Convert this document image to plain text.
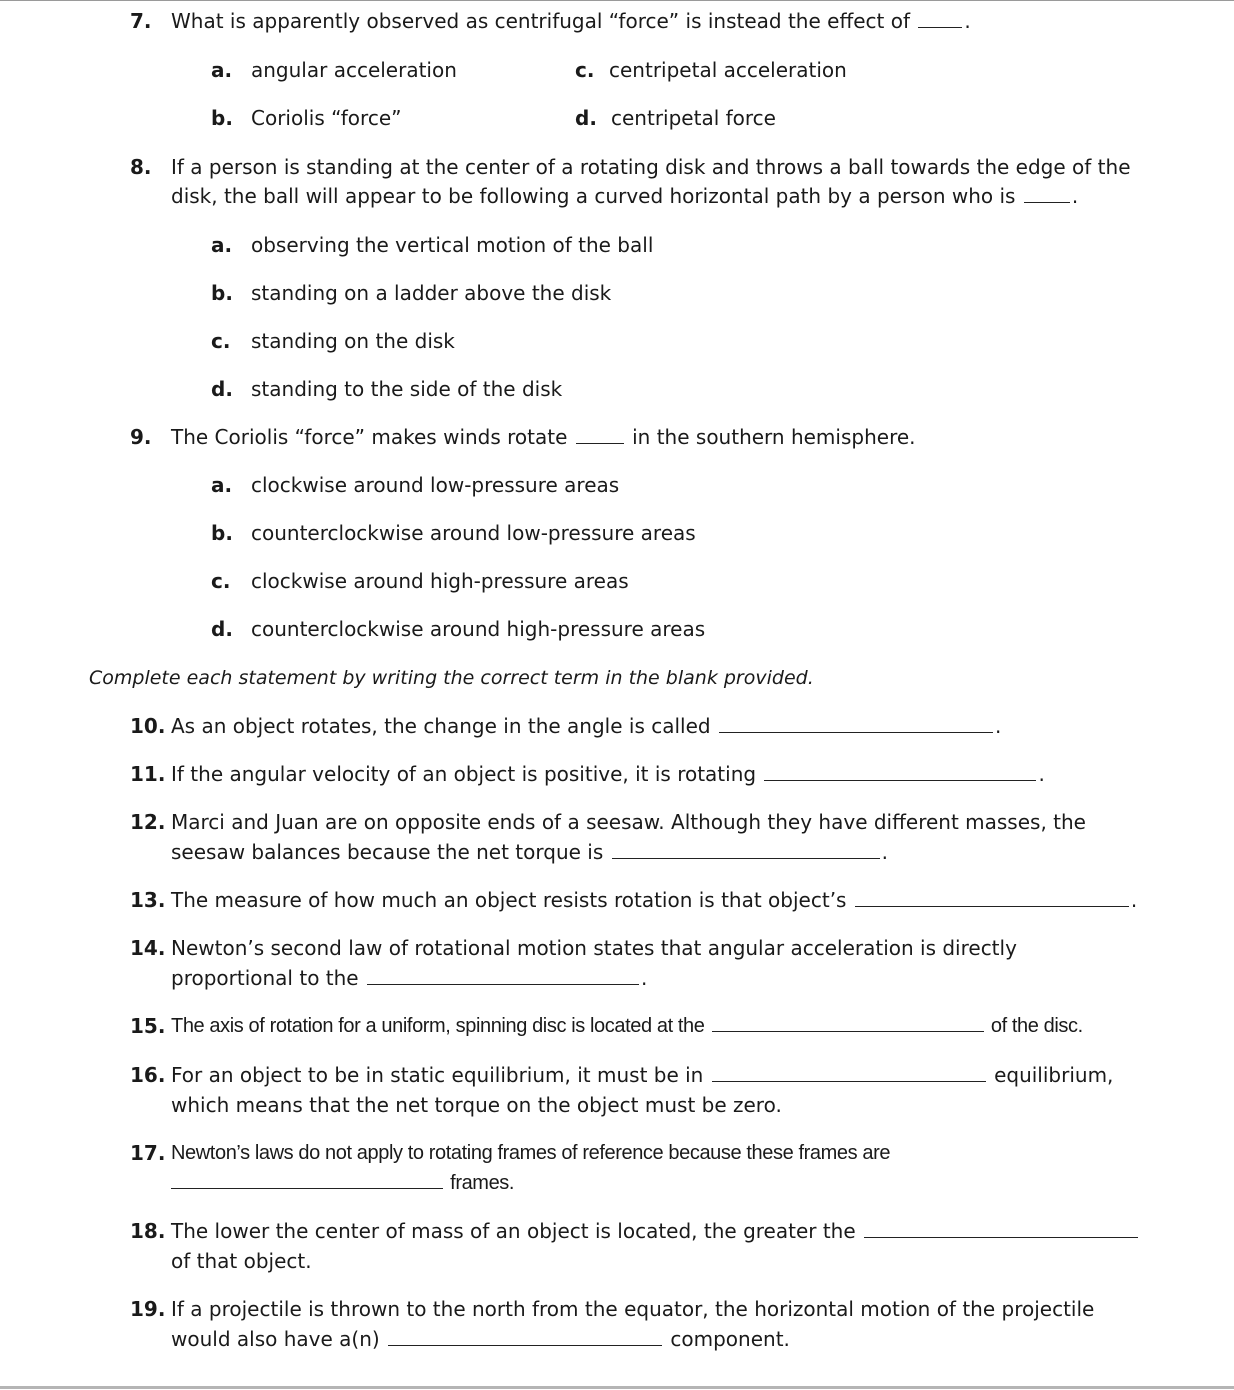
7. What is apparently observed as centrifugal “force” is instead the effect of	.
a. angular acceleration	c. centripetal acceleration
b. Coriolis “force”	d. centripetal force
8. If a person is standing at the center of a rotating disk and throws a ball towards the edge of the
disk, the ball will appear to be following a curved horizontal path by a person who is	.
a. observing the vertical motion of the ball
b. standing on a ladder above the disk
c. standing on the disk
d. standing to the side of the disk
9. The Coriolis “force” makes winds rotate	in the southern hemisphere.
a. clockwise around low-pressure areas
b. counterclockwise around low-pressure areas
c. clockwise around high-pressure areas
d. counterclockwise around high-pressure areas
Complete each statement by writing the correct term in the blank provided.
10. As an object rotates, the change in the angle is called	.
11. If the angular velocity of an object is positive, it is rotating	.
12. Marci and Juan are on opposite ends of a seesaw. Although they have different masses, the
seesaw balances because the net torque is	.
13. The measure of how much an object resists rotation is that object’s	.
14. Newton’s second law of rotational motion states that angular acceleration is directly
proportional to the	.
15. The axis of rotation for a uniform, spinning disc is located at the	of the disc.
16. For an object to be in static equilibrium, it must be in	equilibrium,
which means that the net torque on the object must be zero.
17. Newton’s laws do not apply to rotating frames of reference because these frames are
frames.
18. The lower the center of mass of an object is located, the greater the
of that object.
19. If a projectile is thrown to the north from the equator, the horizontal motion of the projectile
would also have a(n)	component.
